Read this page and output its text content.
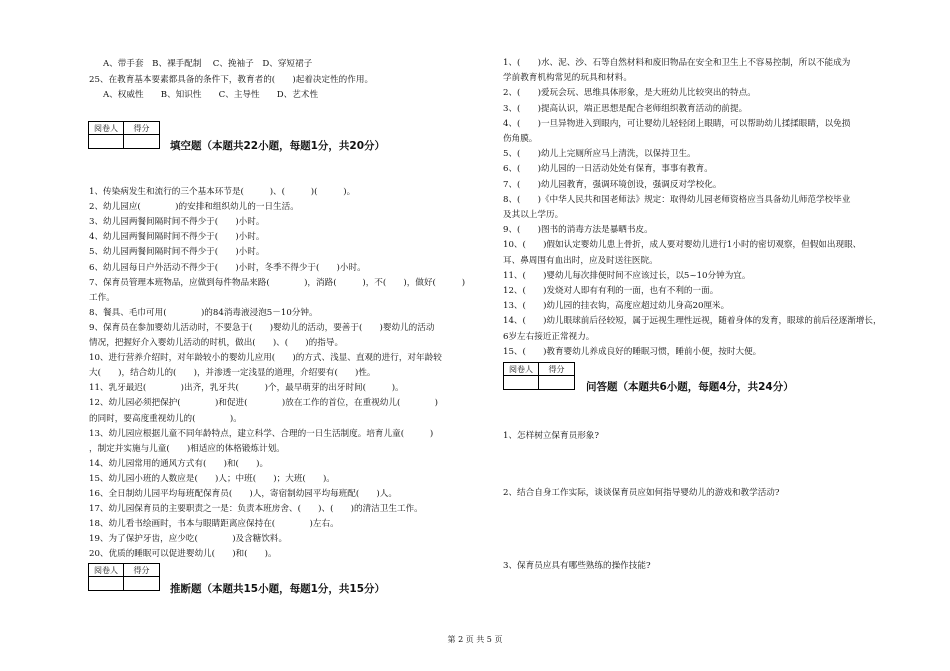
A、带手套　B、裸手配制　 C、挽袖子　D、穿短裙子
25、在教育基本要素都具备的条件下，教育者的(　　)起着决定性的作用。
A、权威性　　B、知识性　　C、主导性　　D、艺术性
阅卷人	得分
填空题（本题共22小题，每题1分，共20分）
1、传染病发生和流行的三个基本环节是(　　　)、(　　　)(　　　)。
2、幼儿园应(　　　　)的安排和组织幼儿的一日生活。
3、幼儿园两餐间隔时间不得少于(　　)小时。
4、幼儿园两餐间隔时间不得少于(　　)小时。
5、幼儿园两餐间隔时间不得少于(　　)小时。
6、幼儿园每日户外活动不得少于(　　)小时，冬季不得少于(　　)小时。
7、保育员管理本班物品，应做到每件物品来路(　　　　)，消路(　　　)，不(　　)，做好(　　　)
工作。
8、餐具、毛巾可用(　　　　)的84消毒液浸泡5－10分钟。
9、保育员在参加婴幼儿活动时，不要急于(　　)婴幼儿的活动，要善于(　　)婴幼儿的活动
情况，把握好介入婴幼儿活动的时机，做出(　　)、(　　)的指导。
10、进行营养介绍时，对年龄较小的婴幼儿应用(　　)的方式、浅显、直观的进行，对年龄较
大(　　)，结合幼儿的(　　)，并渗透一定浅显的道理，介绍要有(　　)性。
11、乳牙最迟(　　　　)出齐，乳牙共(　　　)个，最早萌芽的出牙时间(　　　)。
12、幼儿园必须把保护(　　　　)和促进(　　　　)放在工作的首位，在重视幼儿(　　　　)
的同时，要高度重视幼儿的(　　　　)。
13、幼儿园应根据儿童不同年龄特点，建立科学、合理的一日生活制度。培育儿童(　　　)
，制定并实施与儿童(　　)相适应的体格锻炼计划。
14、幼儿园常用的通风方式有(　　)和(　　)。
15、幼儿园小班的人数应是(　　)人；中班(　　)；大班(　　)。
16、全日制幼儿园平均每班配保育员(　　)人，寄宿制幼园平均每班配(　　)人。
17、幼儿园保育员的主要职责之一是：负责本班房舍、(　　)、(　　)的清洁卫生工作。
18、幼儿看书绘画时，书本与眼睛距离应保持在(　　　　)左右。
19、为了保护牙齿，应少吃(　　　　)及含糖饮料。
20、优质的睡眠可以促进婴幼儿(　　)和(　　)。
阅卷人	得分
推断题（本题共15小题，每题1分，共15分）
1、(　　)水、泥、沙、石等自然材料和废旧物品在安全和卫生上不容易控制，所以不能成为
学前教育机构常见的玩具和材料。
2、(　　)爱玩会玩、思维具体形象，是大班幼儿比较突出的特点。
3、(　　)提高认识，端正思想是配合老师组织教育活动的前提。
4、(　　)一旦异物进入到眼内，可让婴幼儿轻轻闭上眼睛，可以帮助幼儿揉揉眼睛，以免损
伤角膜。
5、(　　)幼儿上完厕所应马上清洗，以保持卫生。
6、(　　)幼儿园的一日活动处处有保育，事事有教育。
7、(　　)幼儿园教育，强调环境创设，强调反对学校化。
8、(　　)《中华人民共和国老师法》规定：取得幼儿园老师资格应当具备幼儿师范学校毕业
及其以上学历。
9、(　　)图书的消毒方法是暴晒书皮。
10、(　　)假如认定婴幼儿患上骨折，成人要对婴幼儿进行1小时的密切观察，但假如出现眼、
耳、鼻周围有血出时，应及时送往医院。
11、(　　)婴幼儿每次排便时间不应该过长，以5~10分钟为宜。
12、(　　)发烧对人即有有利的一面，也有不利的一面。
13、(　　)幼儿园的挂衣钩，高度应超过幼儿身高20厘米。
14、(　　)幼儿眼球前后径较短，属于远视生理性远视，随着身体的发育，眼球的前后径逐渐增长，
6岁左右接近正常视力。
15、(　　)教育婴幼儿养成良好的睡眠习惯，睡前小便，按时大便。
阅卷人	得分
问答题（本题共6小题，每题4分，共24分）
1、怎样树立保育员形象?
2、结合自身工作实际，谈谈保育员应如何指导婴幼儿的游戏和教学活动?
3、保育员应具有哪些熟练的操作技能?
第 2 页 共 5 页
